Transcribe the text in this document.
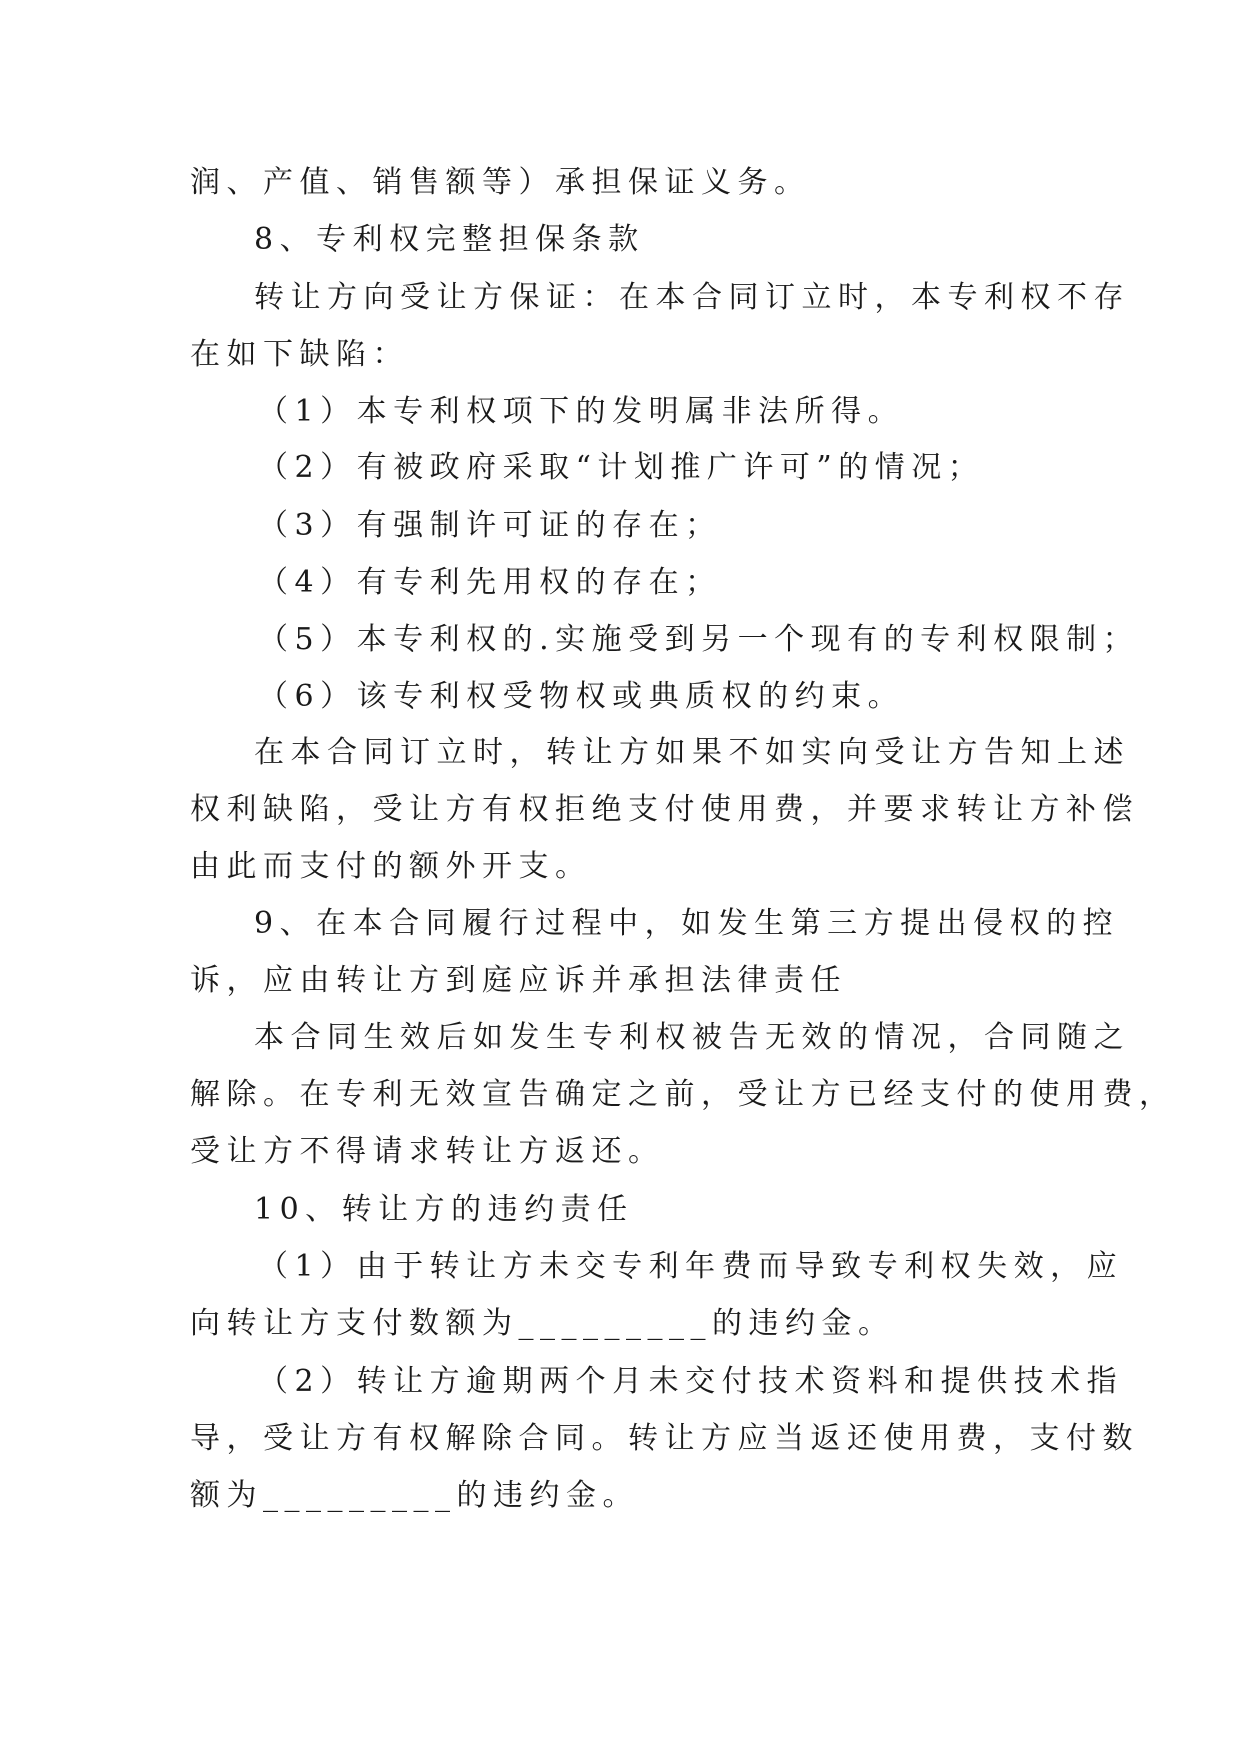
润、产值、销售额等）承担保证义务。
8、专利权完整担保条款
转让方向受让方保证：在本合同订立时，本专利权不存
在如下缺陷：
（1）本专利权项下的发明属非法所得。
（2）有被政府采取“计划推广许可”的情况；
（3）有强制许可证的存在；
（4）有专利先用权的存在；
（5）本专利权的.实施受到另一个现有的专利权限制；
（6）该专利权受物权或典质权的约束。
在本合同订立时，转让方如果不如实向受让方告知上述
权利缺陷，受让方有权拒绝支付使用费，并要求转让方补偿
由此而支付的额外开支。
9、在本合同履行过程中，如发生第三方提出侵权的控
诉，应由转让方到庭应诉并承担法律责任
本合同生效后如发生专利权被告无效的情况，合同随之
解除。在专利无效宣告确定之前，受让方已经支付的使用费，
受让方不得请求转让方返还。
10、转让方的违约责任
（1）由于转让方未交专利年费而导致专利权失效，应
向转让方支付数额为_________的违约金。
（2）转让方逾期两个月未交付技术资料和提供技术指
导，受让方有权解除合同。转让方应当返还使用费，支付数
额为_________的违约金。
